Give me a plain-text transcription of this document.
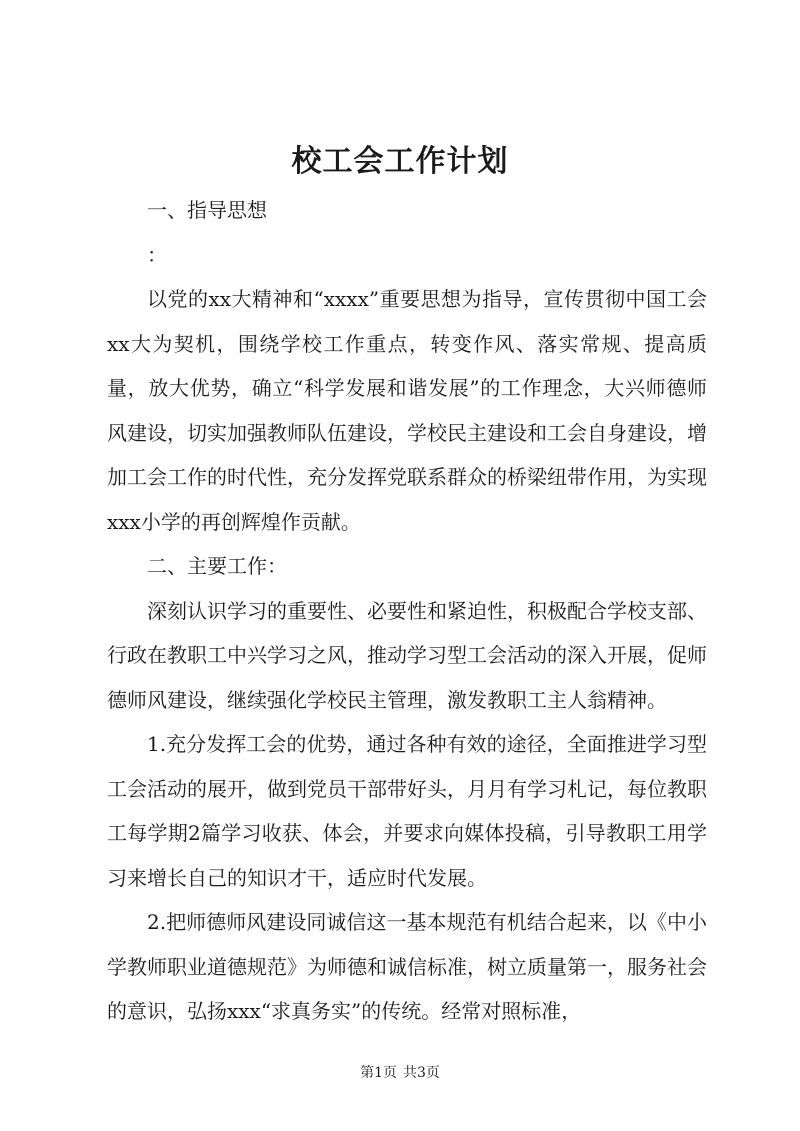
校工会工作计划

一、指导思想

：

以党的xx大精神和“xxxx”重要思想为指导，宣传贯彻中国工会xx大为契机，围绕学校工作重点，转变作风、落实常规、提高质量，放大优势，确立“科学发展和谐发展”的工作理念，大兴师德师风建设，切实加强教师队伍建设，学校民主建设和工会自身建设，增加工会工作的时代性，充分发挥党联系群众的桥梁纽带作用，为实现xxx小学的再创辉煌作贡献。

二、主要工作：

深刻认识学习的重要性、必要性和紧迫性，积极配合学校支部、行政在教职工中兴学习之风，推动学习型工会活动的深入开展，促师德师风建设，继续强化学校民主管理，激发教职工主人翁精神。

1.充分发挥工会的优势，通过各种有效的途径，全面推进学习型工会活动的展开，做到党员干部带好头，月月有学习札记，每位教职工每学期2篇学习收获、体会，并要求向媒体投稿，引导教职工用学习来增长自己的知识才干，适应时代发展。

2.把师德师风建设同诚信这一基本规范有机结合起来，以《中小学教师职业道德规范》为师德和诚信标准，树立质量第一，服务社会的意识，弘扬xxx“求真务实”的传统。经常对照标准，

第1页 共3页
